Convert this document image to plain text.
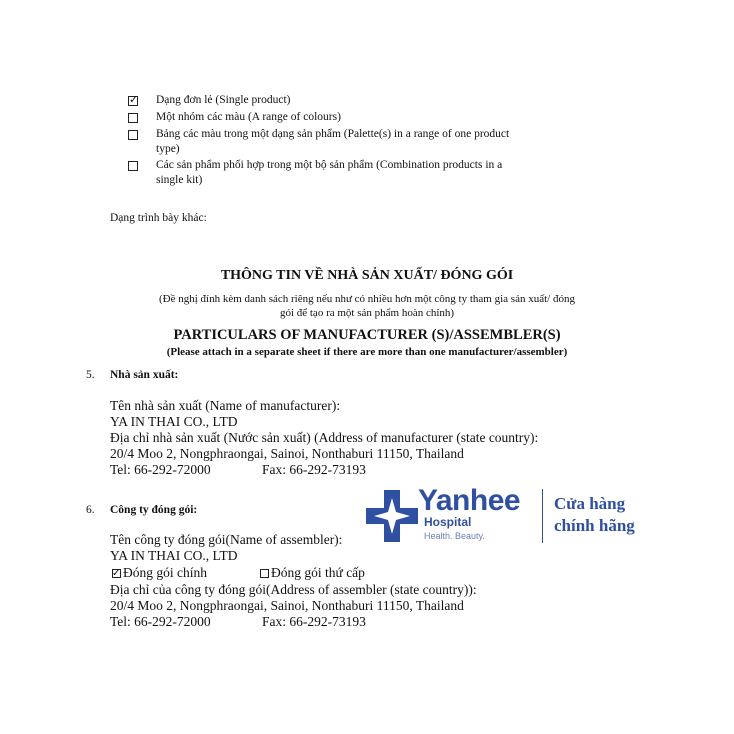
✓
Dạng đơn lẻ (Single product)
Một nhóm các màu (A range of colours)
Bảng các màu trong một dạng sản phẩm (Palette(s) in a range of one product
type)
Các sản phẩm phối hợp trong một bộ sản phẩm (Combination products in a
single kit)
Dạng trình bày khác:
THÔNG TIN VỀ NHÀ SẢN XUẤT/ ĐÓNG GÓI
(Đề nghị đính kèm danh sách riêng nếu như có nhiều hơn một công ty tham gia sản xuất/ đóng
gói để tạo ra một sản phẩm hoàn chỉnh)
PARTICULARS OF MANUFACTURER (S)/ASSEMBLER(S)
(Please attach in a separate sheet if there are more than one manufacturer/assembler)
5. Nhà sản xuất:
Tên nhà sản xuất (Name of manufacturer):
YA IN THAI CO., LTD
Địa chỉ nhà sản xuất (Nước sản xuất) (Address of manufacturer (state country):
20/4 Moo 2, Nongphraongai, Sainoi, Nonthaburi 11150, Thailand
Tel: 66-292-72000	Fax: 66-292-73193
6. Công ty đóng gói:
Tên công ty đóng gói(Name of assembler):
YA IN THAI CO., LTD
✓Đóng gói chính	Đóng gói thứ cấp
Địa chỉ của công ty đóng gói(Address of assembler (state country)):
20/4 Moo 2, Nongphraongai, Sainoi, Nonthaburi 11150, Thailand
Tel: 66-292-72000	Fax: 66-292-73193
Yanhee
Hospital
Health. Beauty.
Cửa hàng
chính hãng
